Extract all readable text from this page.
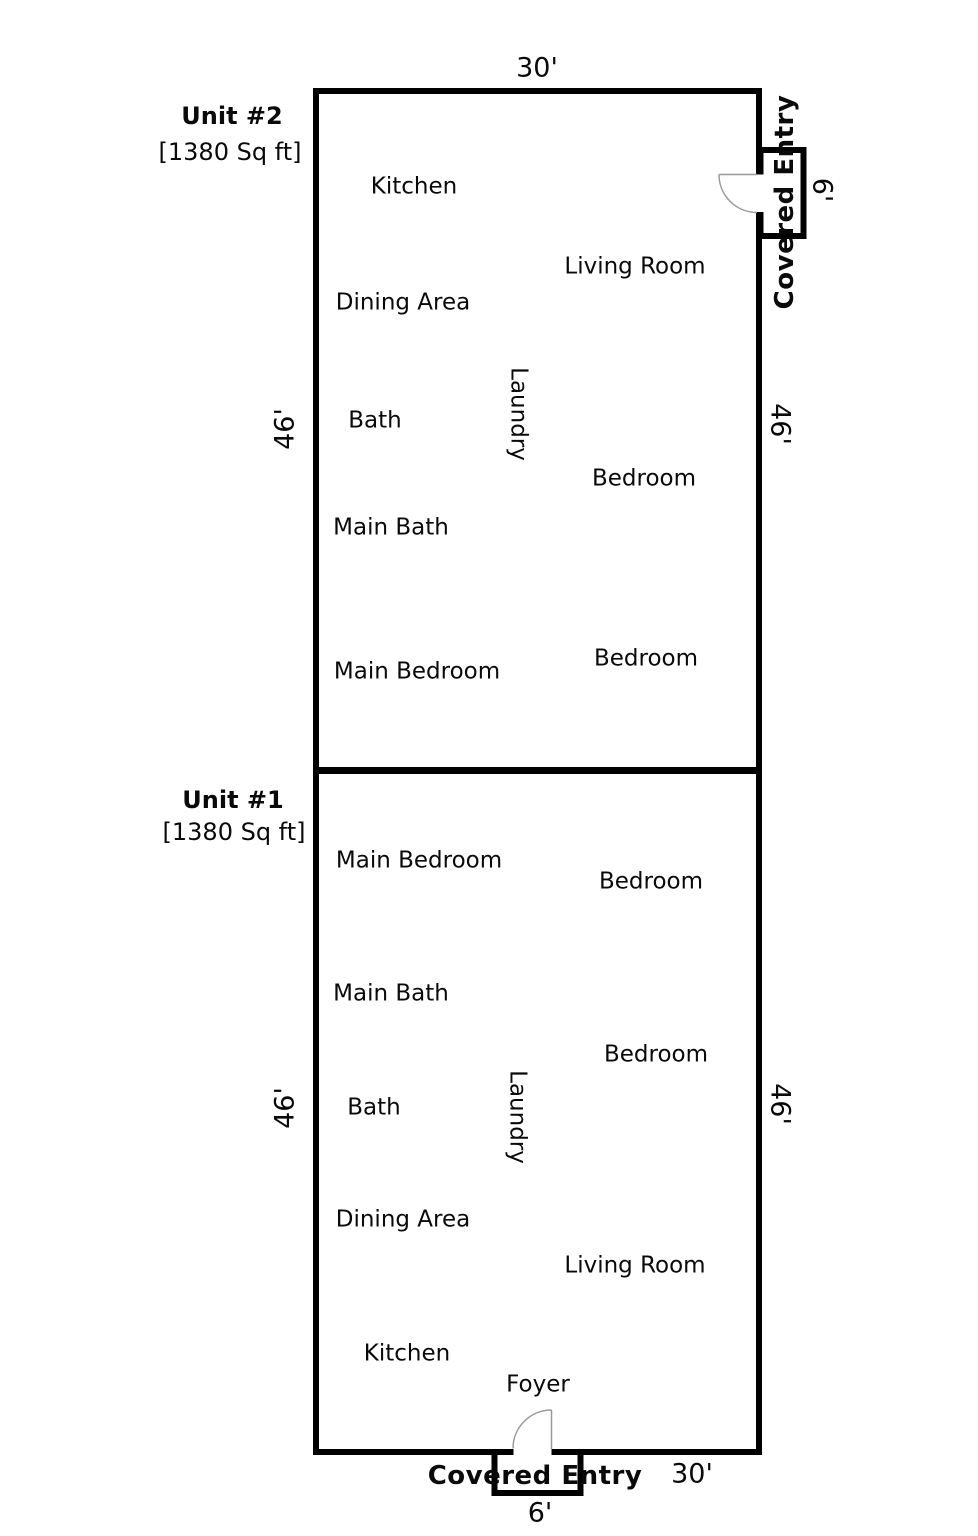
30'
46'	46'
6'
46'	46'
30'
6'
Covered Entry
Covered Entry
Unit #2
[1380 Sq ft]
Kitchen
Living Room
Dining Area
Bath	Laundry
Bedroom
Main Bath
Bedroom
Main Bedroom
Unit #1
[1380 Sq ft]
Main Bedroom
Bedroom
Main Bath
Bedroom
Bath	Laundry
Dining Area
Living Room
Kitchen
Foyer
